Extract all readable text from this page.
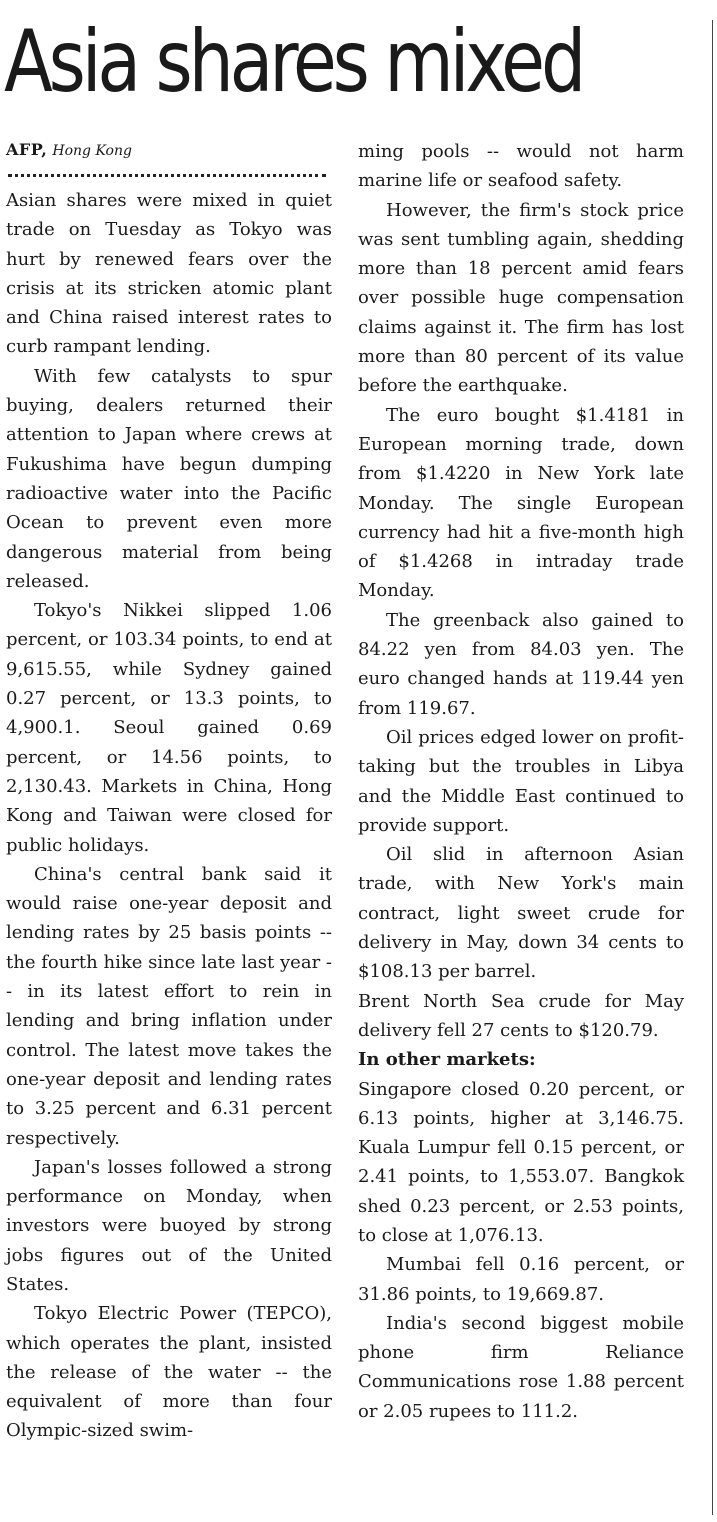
Asia shares mixed

AFP, Hong Kong

Asian shares were mixed in quiet trade on Tuesday as Tokyo was hurt by renewed fears over the crisis at its stricken atomic plant and China raised interest rates to curb rampant lending.

With few catalysts to spur buying, dealers returned their attention to Japan where crews at Fukushima have begun dumping radioactive water into the Pacific Ocean to prevent even more dangerous material from being released.

Tokyo's Nikkei slipped 1.06 percent, or 103.34 points, to end at 9,615.55, while Sydney gained 0.27 percent, or 13.3 points, to 4,900.1. Seoul gained 0.69 percent, or 14.56 points, to 2,130.43. Markets in China, Hong Kong and Taiwan were closed for public holidays.

China's central bank said it would raise one-year deposit and lending rates by 25 basis points -- the fourth hike since late last year -- in its latest effort to rein in lending and bring inflation under control. The latest move takes the one-year deposit and lending rates to 3.25 percent and 6.31 percent respectively.

Japan's losses followed a strong performance on Monday, when investors were buoyed by strong jobs figures out of the United States.

Tokyo Electric Power (TEPCO), which operates the plant, insisted the release of the water -- the equivalent of more than four Olympic-sized swim-

ming pools -- would not harm marine life or seafood safety.

However, the firm's stock price was sent tumbling again, shedding more than 18 percent amid fears over possible huge compensation claims against it. The firm has lost more than 80 percent of its value before the earthquake.

The euro bought $1.4181 in European morning trade, down from $1.4220 in New York late Monday. The single European currency had hit a five-month high of $1.4268 in intraday trade Monday.

The greenback also gained to 84.22 yen from 84.03 yen. The euro changed hands at 119.44 yen from 119.67.

Oil prices edged lower on profit-taking but the troubles in Libya and the Middle East continued to provide support.

Oil slid in afternoon Asian trade, with New York's main contract, light sweet crude for delivery in May, down 34 cents to $108.13 per barrel.

Brent North Sea crude for May delivery fell 27 cents to $120.79.

In other markets:

Singapore closed 0.20 percent, or 6.13 points, higher at 3,146.75. Kuala Lumpur fell 0.15 percent, or 2.41 points, to 1,553.07. Bangkok shed 0.23 percent, or 2.53 points, to close at 1,076.13.

Mumbai fell 0.16 percent, or 31.86 points, to 19,669.87.

India's second biggest mobile phone firm Reliance Communications rose 1.88 percent or 2.05 rupees to 111.2.
